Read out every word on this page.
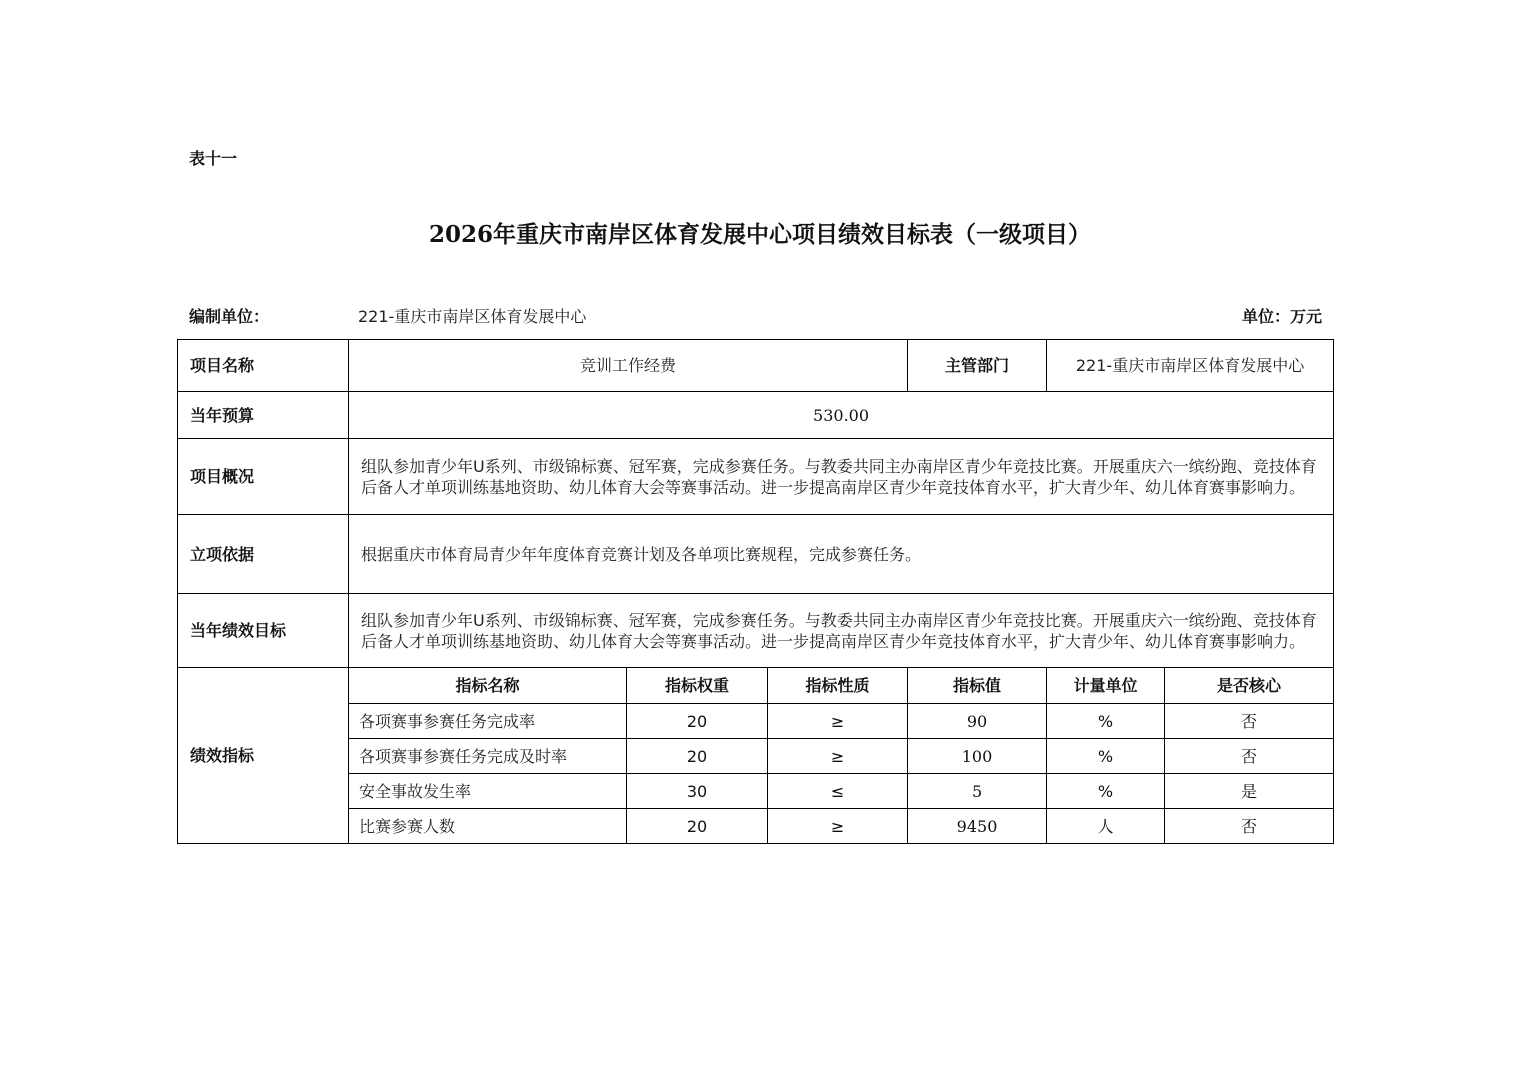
表十一
2026年重庆市南岸区体育发展中心项目绩效目标表（一级项目）
编制单位：	221-重庆市南岸区体育发展中心	单位：万元
项目名称	竞训工作经费			主管部门	221-重庆市南岸区体育发展中心	
当年预算	530.00					
项目概况	组队参加青少年U系列、市级锦标赛、冠军赛，完成参赛任务。与教委共同主办南岸区青少年竞技比赛。开展重庆六一缤纷跑、竞技体育后备人才单项训练基地资助、幼儿体育大会等赛事活动。进一步提高南岸区青少年竞技体育水平，扩大青少年、幼儿体育赛事影响力。					
立项依据	根据重庆市体育局青少年年度体育竞赛计划及各单项比赛规程，完成参赛任务。					
当年绩效目标	组队参加青少年U系列、市级锦标赛、冠军赛，完成参赛任务。与教委共同主办南岸区青少年竞技比赛。开展重庆六一缤纷跑、竞技体育后备人才单项训练基地资助、幼儿体育大会等赛事活动。进一步提高南岸区青少年竞技体育水平，扩大青少年、幼儿体育赛事影响力。					
绩效指标	指标名称	指标权重	指标性质	指标值	计量单位	是否核心
	各项赛事参赛任务完成率	20	≥	90	%	否
	各项赛事参赛任务完成及时率	20	≥	100	%	否
	安全事故发生率	30	≤	5	%	是
	比赛参赛人数	20	≥	9450	人	否
